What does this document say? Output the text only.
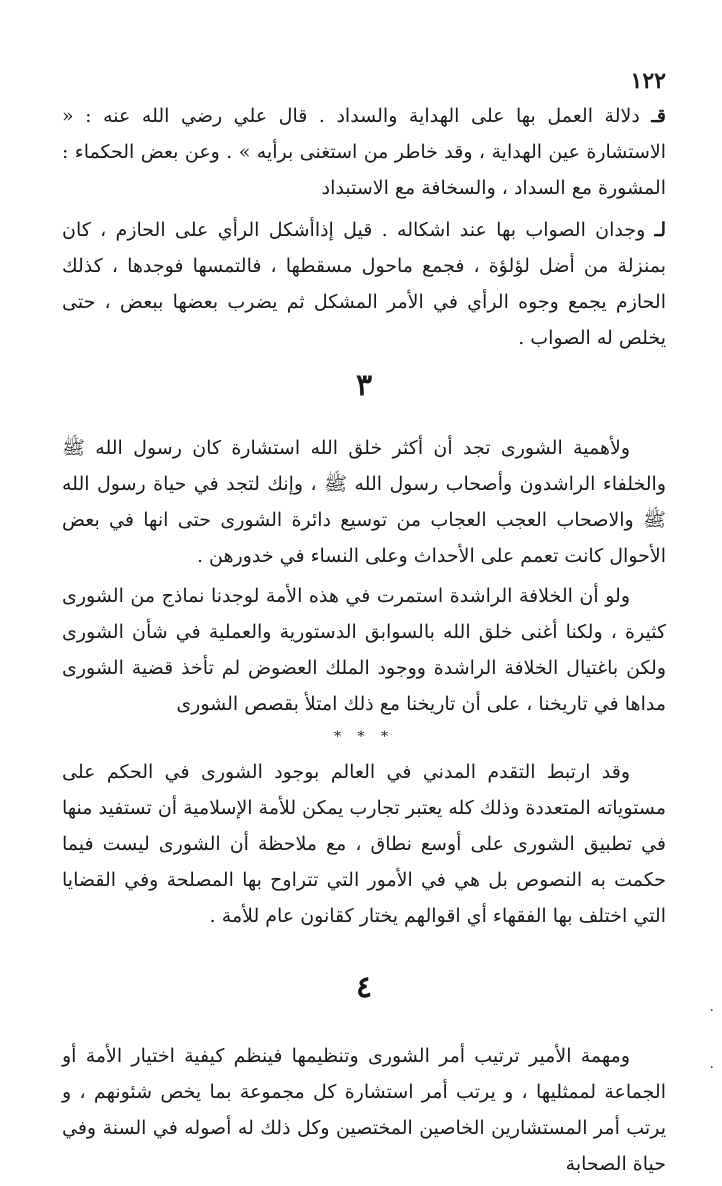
١٢٢

قـ دلالة العمل بها على الهداية والسداد . قال علي رضي الله عنه : « الاستشارة عين الهداية ، وقد خاطر من استغنى برأيه » . وعن بعض الحكماء : المشورة مع السداد ، والسخافة مع الاستبداد

لـ وجدان الصواب بها عند اشكاله . قيل إذاأشكل الرأي على الحازم ، كان بمنزلة من أضل لؤلؤة ، فجمع ماحول مسقطها ، فالتمسها فوجدها ، كذلك الحازم يجمع وجوه الرأي في الأمر المشكل ثم يضرب بعضها ببعض ، حتى يخلص له الصواب .

٣

ولأهمية الشورى تجد أن أكثر خلق الله استشارة كان رسول الله ﷺ والخلفاء الراشدون وأصحاب رسول الله ﷺ ، وإنك لتجد في حياة رسول الله ﷺ والاصحاب العجب العجاب من توسيع دائرة الشورى حتى انها في بعض الأحوال كانت تعمم على الأحداث وعلى النساء في خدورهن .

ولو أن الخلافة الراشدة استمرت في هذه الأمة لوجدنا نماذج من الشورى كثيرة ، ولكنا أغنى خلق الله بالسوابق الدستورية والعملية في شأن الشورى ولكن باغتيال الخلافة الراشدة ووجود الملك العضوض لم تأخذ قضية الشورى مداها في تاريخنا ، على أن تاريخنا مع ذلك امتلأ بقصص الشورى

* * *

وقد ارتبط التقدم المدني في العالم بوجود الشورى في الحكم على مستوياته المتعددة وذلك كله يعتبر تجارب يمكن للأمة الإسلامية أن تستفيد منها في تطبيق الشورى على أوسع نطاق ، مع ملاحظة أن الشورى ليست فيما حكمت به النصوص بل هي في الأمور التي تتراوح بها المصلحة وفي القضايا التي اختلف بها الفقهاء أي اقوالهم يختار كقانون عام للأمة .

٤

ومهمة الأمير ترتيب أمر الشورى وتنظيمها فينظم كيفية اختيار الأمة أو الجماعة لممثليها ، و يرتب أمر استشارة كل مجموعة بما يخص شئونهم ، و يرتب أمر المستشارين الخاصين المختصين وكل ذلك له أصوله في السنة وفي حياة الصحابة

·
·
